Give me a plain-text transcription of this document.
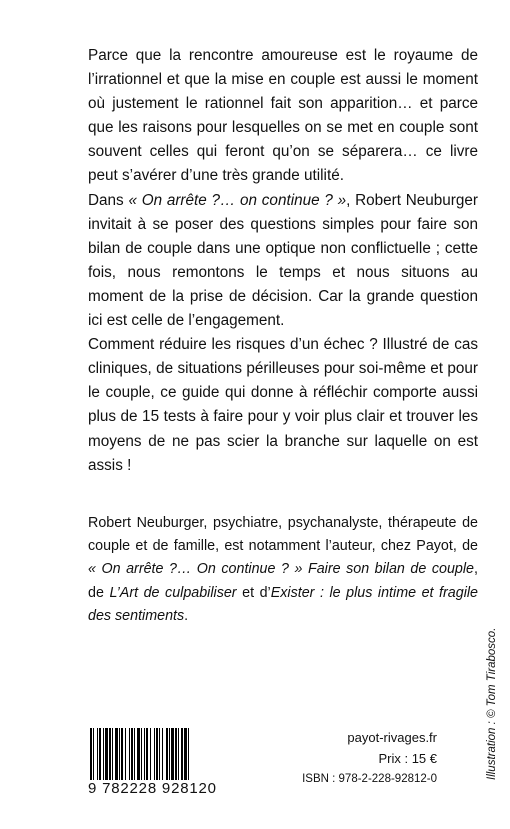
Parce que la rencontre amoureuse est le royaume de l’irrationnel et que la mise en couple est aussi le moment où justement le rationnel fait son apparition… et parce que les raisons pour lesquelles on se met en couple sont souvent celles qui feront qu’on se séparera… ce livre peut s’avérer d’une très grande utilité.

Dans « On arrête ?… on continue ? », Robert Neuburger invitait à se poser des questions simples pour faire son bilan de couple dans une optique non conflictuelle ; cette fois, nous remontons le temps et nous situons au moment de la prise de décision. Car la grande question ici est celle de l’engagement.

Comment réduire les risques d’un échec ? Illustré de cas cliniques, de situations périlleuses pour soi-même et pour le couple, ce guide qui donne à réfléchir comporte aussi plus de 15 tests à faire pour y voir plus clair et trouver les moyens de ne pas scier la branche sur laquelle on est assis !

Robert Neuburger, psychiatre, psychanalyste, thérapeute de couple et de famille, est notamment l’auteur, chez Payot, de « On arrête ?… On continue ? » Faire son bilan de couple, de L’Art de culpabiliser et d’Exister : le plus intime et fragile des sentiments.

Illustration : © Tom Tirabosco.
9 782228 928120
payot-rivages.fr
Prix : 15 €
ISBN : 978-2-228-92812-0
